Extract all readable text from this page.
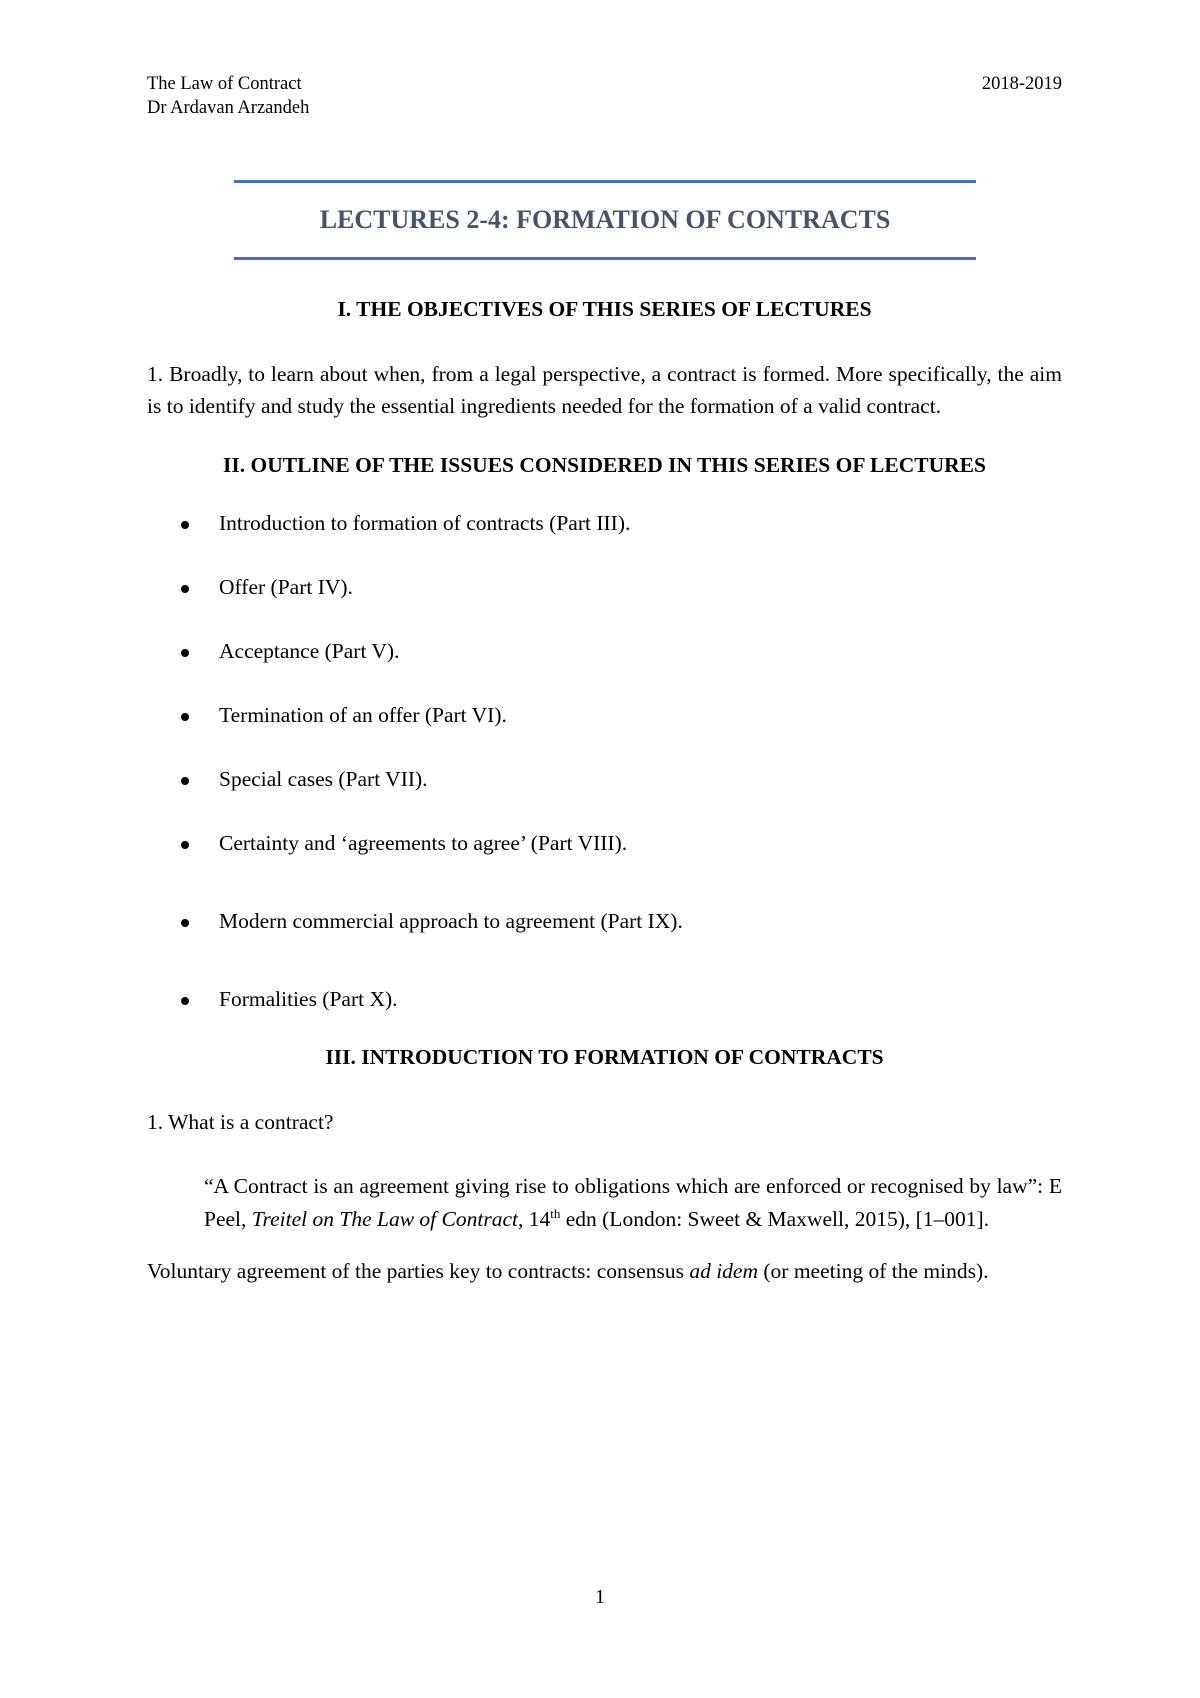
The Law of Contract
Dr Ardavan Arzandeh
2018-2019
LECTURES 2-4: FORMATION OF CONTRACTS

I. THE OBJECTIVES OF THIS SERIES OF LECTURES

1. Broadly, to learn about when, from a legal perspective, a contract is formed. More specifically, the aim is to identify and study the essential ingredients needed for the formation of a valid contract.

II. OUTLINE OF THE ISSUES CONSIDERED IN THIS SERIES OF LECTURES

Introduction to formation of contracts (Part III).
Offer (Part IV).
Acceptance (Part V).
Termination of an offer (Part VI).
Special cases (Part VII).
Certainty and ‘agreements to agree’ (Part VIII).
Modern commercial approach to agreement (Part IX).
Formalities (Part X).

III. INTRODUCTION TO FORMATION OF CONTRACTS

1. What is a contract?

“A Contract is an agreement giving rise to obligations which are enforced or recognised by law”: E Peel, Treitel on The Law of Contract, 14th edn (London: Sweet & Maxwell, 2015), [1–001].

Voluntary agreement of the parties key to contracts: consensus ad idem (or meeting of the minds).

1
